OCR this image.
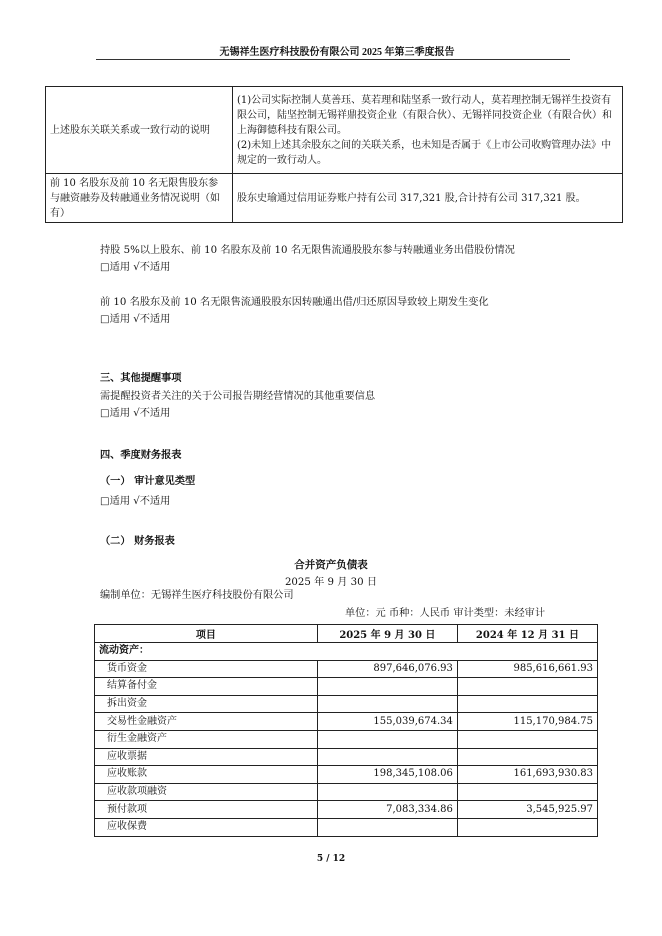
无锡祥生医疗科技股份有限公司 2025 年第三季度报告
上述股东关联关系或一致行动的说明	(1)公司实际控制人莫善珏、莫若理和陆坚系一致行动人，莫若理控制无锡祥生投资有限公司，陆坚控制无锡祥鼎投资企业（有限合伙）、无锡祥同投资企业（有限合伙）和上海御德科技有限公司。
(2)未知上述其余股东之间的关联关系，也未知是否属于《上市公司收购管理办法》中规定的一致行动人。

前 10 名股东及前 10 名无限售股东参与融资融券及转融通业务情况说明（如有）	股东史瑜通过信用证券账户持有公司 317,321 股,合计持有公司 317,321 股。
持股 5%以上股东、前 10 名股东及前 10 名无限售流通股股东参与转融通业务出借股份情况
□适用 √不适用
前 10 名股东及前 10 名无限售流通股股东因转融通出借/归还原因导致较上期发生变化
□适用 √不适用
三、其他提醒事项
需提醒投资者关注的关于公司报告期经营情况的其他重要信息
□适用 √不适用
四、季度财务报表
（一） 审计意见类型
□适用 √不适用
（二） 财务报表
合并资产负债表
2025 年 9 月 30 日
编制单位：无锡祥生医疗科技股份有限公司
单位：元 币种：人民币 审计类型：未经审计
项目	2025 年 9 月 30 日	2024 年 12 月 31 日
流动资产：		
货币资金	897,646,076.93	985,616,661.93
结算备付金		
拆出资金		
交易性金融资产	155,039,674.34	115,170,984.75
衍生金融资产		
应收票据		
应收账款	198,345,108.06	161,693,930.83
应收款项融资		
预付款项	7,083,334.86	3,545,925.97
应收保费		
5 / 12
